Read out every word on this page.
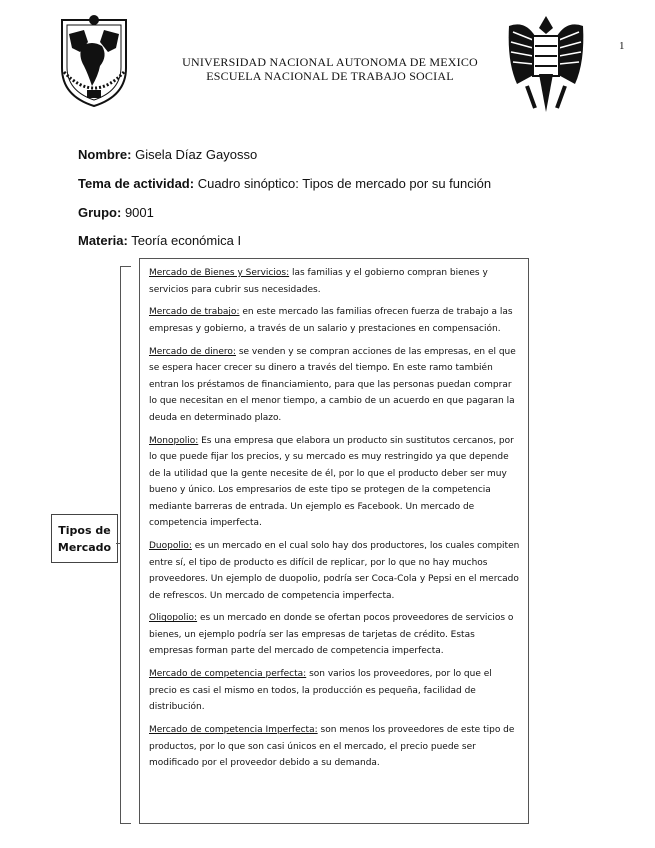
1
UNIVERSIDAD NACIONAL AUTONOMA DE MEXICO
ESCUELA NACIONAL DE TRABAJO SOCIAL
Nombre: Gisela Díaz Gayosso
Tema de actividad: Cuadro sinóptico: Tipos de mercado por su función
Grupo: 9001
Materia: Teoría económica I
Tipos de
Mercado

Mercado de Bienes y Servicios: las familias y el gobierno compran bienes y servicios para cubrir sus necesidades.

Mercado de trabajo: en este mercado las familias ofrecen fuerza de trabajo a las empresas y gobierno, a través de un salario y prestaciones en compensación.

Mercado de dinero: se venden y se compran acciones de las empresas, en el que se espera hacer crecer su dinero a través del tiempo. En este ramo también entran los préstamos de financiamiento, para que las personas puedan comprar lo que necesitan en el menor tiempo, a cambio de un acuerdo en que pagaran la deuda en determinado plazo.

Monopolio: Es una empresa que elabora un producto sin sustitutos cercanos, por lo que puede fijar los precios, y su mercado es muy restringido ya que depende de la utilidad que la gente necesite de él, por lo que el producto deber ser muy bueno y único. Los empresarios de este tipo se protegen de la competencia mediante barreras de entrada. Un ejemplo es Facebook. Un mercado de competencia imperfecta.

Duopolio: es un mercado en el cual solo hay dos productores, los cuales compiten entre sí, el tipo de producto es difícil de replicar, por lo que no hay muchos proveedores. Un ejemplo de duopolio, podría ser Coca-Cola y Pepsi en el mercado de refrescos. Un mercado de competencia imperfecta.

Oligopolio: es un mercado en donde se ofertan pocos proveedores de servicios o bienes, un ejemplo podría ser las empresas de tarjetas de crédito. Estas empresas forman parte del mercado de competencia imperfecta.

Mercado de competencia perfecta: son varios los proveedores, por lo que el precio es casi el mismo en todos, la producción es pequeña, facilidad de distribución.

Mercado de competencia Imperfecta: son menos los proveedores de este tipo de productos, por lo que son casi únicos en el mercado, el precio puede ser modificado por el proveedor debido a su demanda.
